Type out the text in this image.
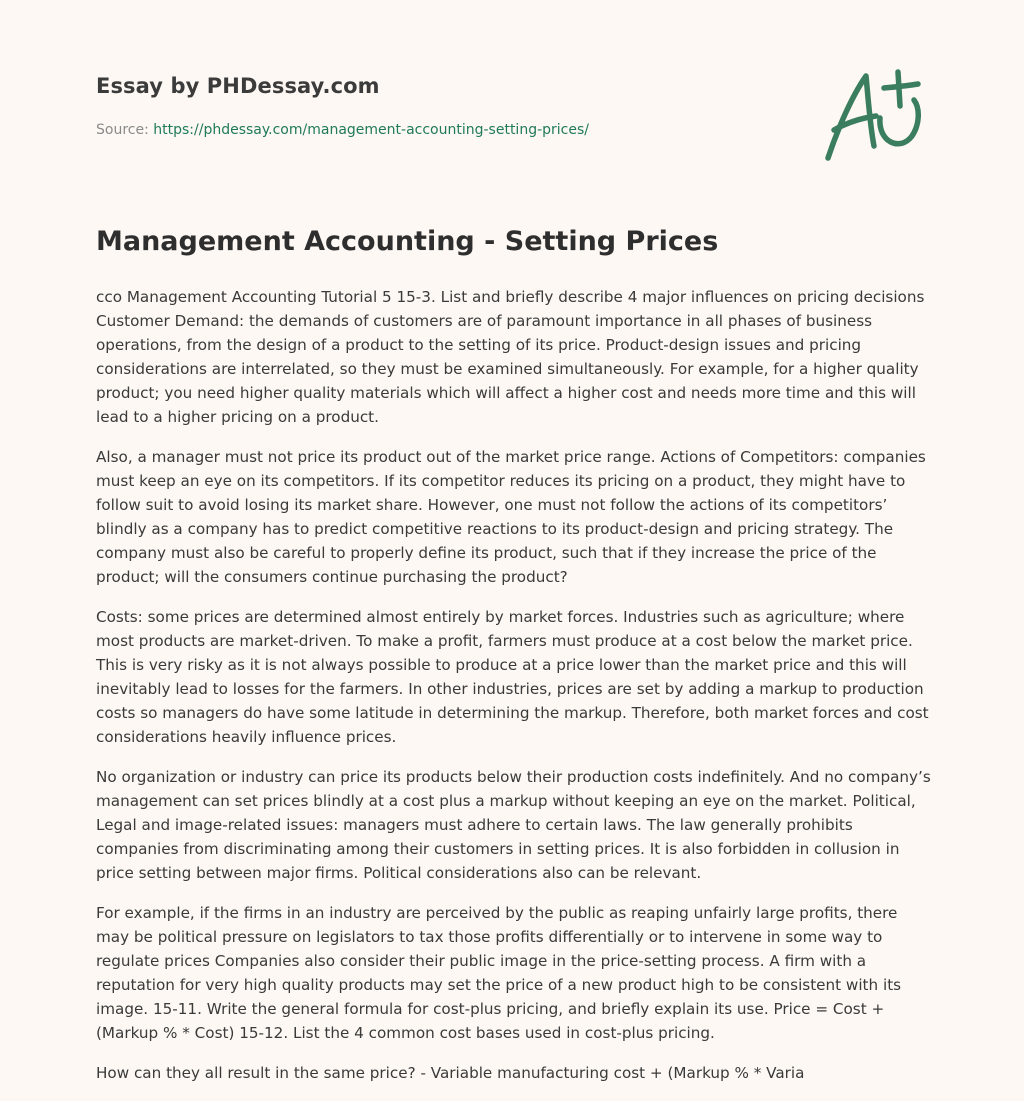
Essay by PHDessay.com
Source: https://phdessay.com/management-accounting-setting-prices/
Management Accounting - Setting Prices

cco Management Accounting Tutorial 5 15-3. List and briefly describe 4 major influences on pricing decisions Customer Demand: the demands of customers are of paramount importance in all phases of business operations, from the design of a product to the setting of its price. Product-design issues and pricing considerations are interrelated, so they must be examined simultaneously. For example, for a higher quality product; you need higher quality materials which will affect a higher cost and needs more time and this will lead to a higher pricing on a product.

Also, a manager must not price its product out of the market price range. Actions of Competitors: companies must keep an eye on its competitors. If its competitor reduces its pricing on a product, they might have to follow suit to avoid losing its market share. However, one must not follow the actions of its competitors’ blindly as a company has to predict competitive reactions to its product-design and pricing strategy. The company must also be careful to properly define its product, such that if they increase the price of the product; will the consumers continue purchasing the product?

Costs: some prices are determined almost entirely by market forces. Industries such as agriculture; where most products are market-driven. To make a profit, farmers must produce at a cost below the market price. This is very risky as it is not always possible to produce at a price lower than the market price and this will inevitably lead to losses for the farmers. In other industries, prices are set by adding a markup to production costs so managers do have some latitude in determining the markup. Therefore, both market forces and cost considerations heavily influence prices.

No organization or industry can price its products below their production costs indefinitely. And no company’s management can set prices blindly at a cost plus a markup without keeping an eye on the market. Political, Legal and image-related issues: managers must adhere to certain laws. The law generally prohibits companies from discriminating among their customers in setting prices. It is also forbidden in collusion in price setting between major firms. Political considerations also can be relevant.

For example, if the firms in an industry are perceived by the public as reaping unfairly large profits, there may be political pressure on legislators to tax those profits differentially or to intervene in some way to regulate prices Companies also consider their public image in the price-setting process. A firm with a reputation for very high quality products may set the price of a new product high to be consistent with its image. 15-11. Write the general formula for cost-plus pricing, and briefly explain its use. Price = Cost + (Markup % * Cost) 15-12. List the 4 common cost bases used in cost-plus pricing.

How can they all result in the same price? - Variable manufacturing cost + (Markup % * Varia
